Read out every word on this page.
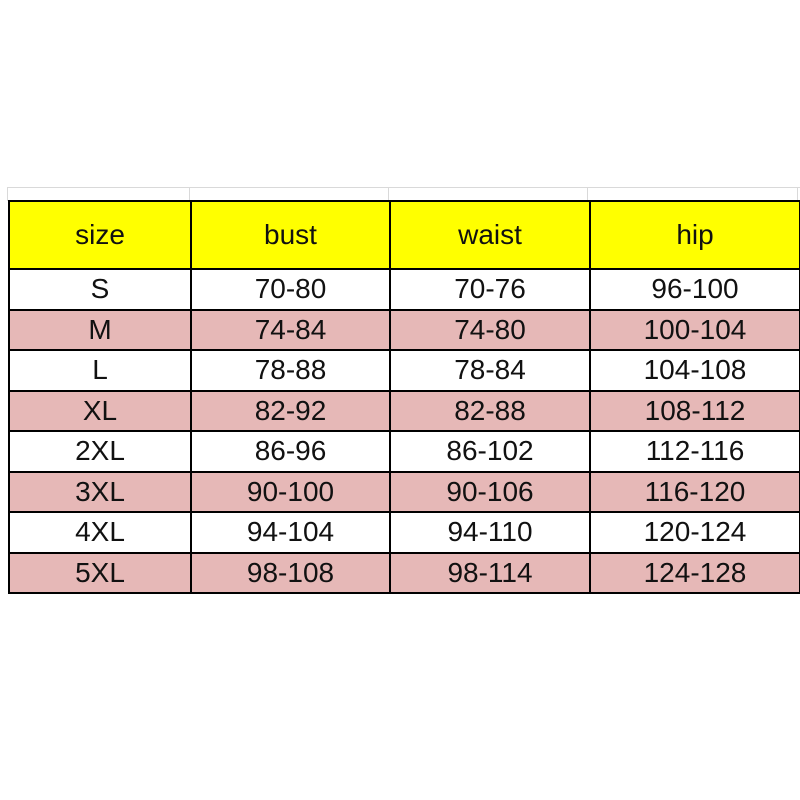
size	bust	waist	hip	
S	70-80	70-76	96-100	
M	74-84	74-80	100-104	
L	78-88	78-84	104-108	
XL	82-92	82-88	108-112	
2XL	86-96	86-102	112-116	
3XL	90-100	90-106	116-120	
4XL	94-104	94-110	120-124	
5XL	98-108	98-114	124-128	
